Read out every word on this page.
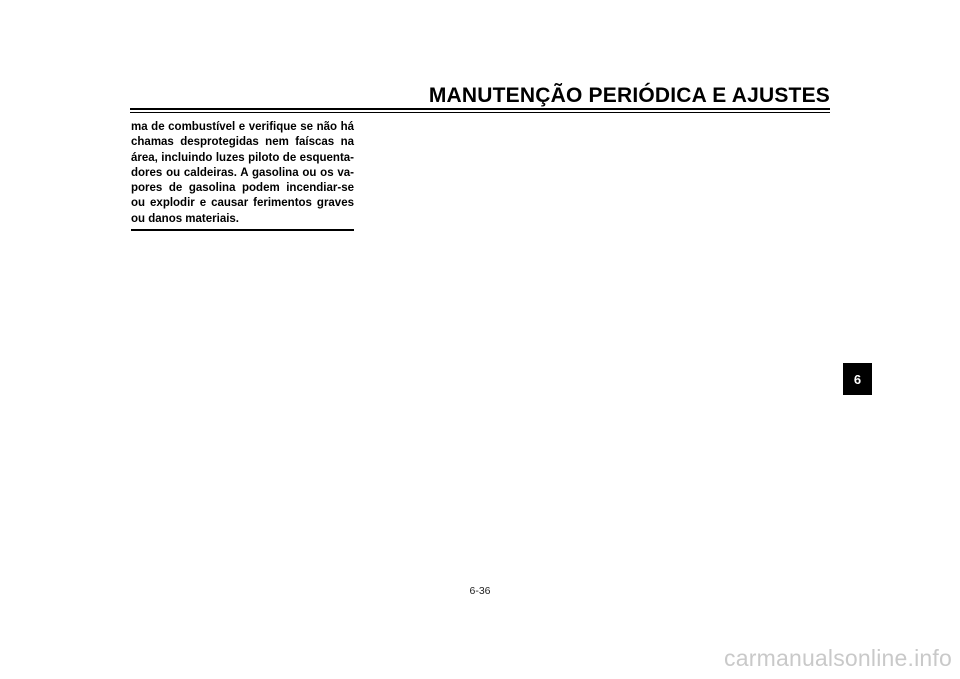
MANUTENÇÃO PERIÓDICA E AJUSTES

ma de combustível e verifique se não há
chamas desprotegidas nem faíscas na
área, incluindo luzes piloto de esquenta-
dores ou caldeiras. A gasolina ou os va-
pores de gasolina podem incendiar-se
ou explodir e causar ferimentos graves
ou danos materiais.

6
6-36
carmanualsonline.info
